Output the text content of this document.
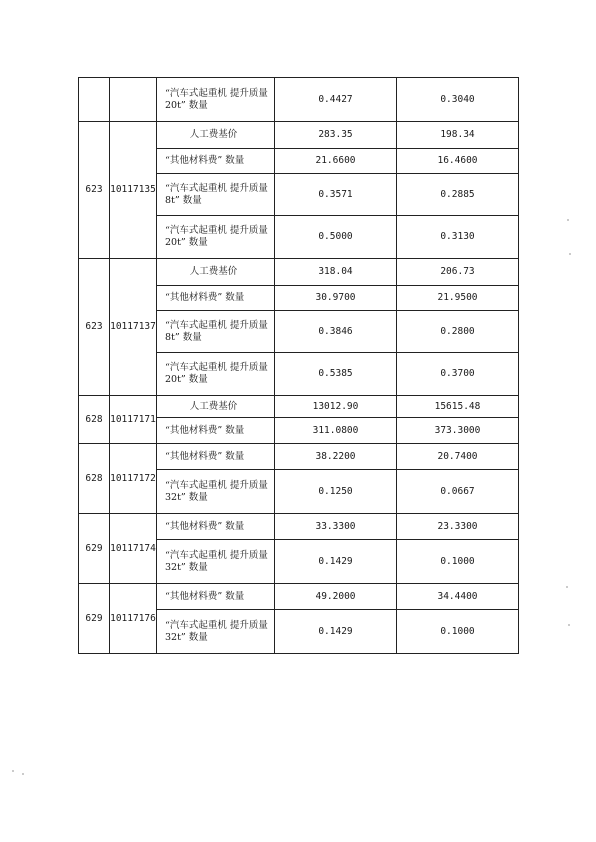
		“汽车式起重机 提升质量 20t” 数量	0.4427	0.3040
623	10117135	人工费基价	283.35	198.34
		“其他材料费” 数量	21.6600	16.4600
		“汽车式起重机 提升质量 8t” 数量	0.3571	0.2885
		“汽车式起重机 提升质量 20t” 数量	0.5000	0.3130
623	10117137	人工费基价	318.04	206.73
		“其他材料费” 数量	30.9700	21.9500
		“汽车式起重机 提升质量 8t” 数量	0.3846	0.2800
		“汽车式起重机 提升质量 20t” 数量	0.5385	0.3700
628	10117171	人工费基价	13012.90	15615.48
		“其他材料费” 数量	311.0800	373.3000
628	10117172	“其他材料费” 数量	38.2200	20.7400
		“汽车式起重机 提升质量 32t” 数量	0.1250	0.0667
629	10117174	“其他材料费” 数量	33.3300	23.3300
		“汽车式起重机 提升质量 32t” 数量	0.1429	0.1000
629	10117176	“其他材料费” 数量	49.2000	34.4400
		“汽车式起重机 提升质量 32t” 数量	0.1429	0.1000
